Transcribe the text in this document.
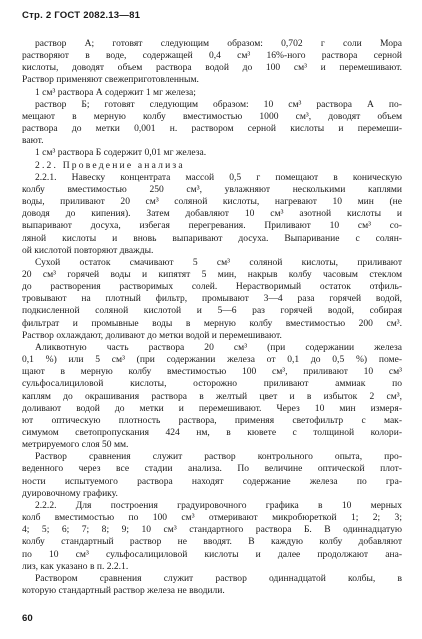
Стр. 2 ГОСТ 2082.13—81
раствор А; готовят следующим образом: 0,702 г соли Мора
растворяют в воде, содержащей 0,4 см³ 16%-ного раствора серной
кислоты, доводят объем раствора водой до 100 см³ и перемешивают.
Раствор применяют свежеприготовленным.
1 см³ раствора А содержит 1 мг железа;
раствор Б; готовят следующим образом: 10 см³ раствора А по-
мещают в мерную колбу вместимостью 1000 см³, доводят объем
раствора до метки 0,001 н. раствором серной кислоты и перемеши-
вают.
1 см³ раствора Б содержит 0,01 мг железа.
2.2. Проведение анализа
2.2.1. Навеску концентрата массой 0,5 г помещают в коническую
колбу вместимостью 250 см³, увлажняют несколькими каплями
воды, приливают 20 см³ соляной кислоты, нагревают 10 мин (не
доводя до кипения). Затем добавляют 10 см³ азотной кислоты и
выпаривают досуха, избегая перегревания. Приливают 10 см³ со-
ляной кислоты и вновь выпаривают досуха. Выпаривание с солян-
ой кислотой повторяют дважды.
Сухой остаток смачивают 5 см³ соляной кислоты, приливают
20 см³ горячей воды и кипятят 5 мин, накрыв колбу часовым стеклом
до растворения растворимых солей. Нерастворимый остаток отфиль-
тровывают на плотный фильтр, промывают 3—4 раза горячей водой,
подкисленной соляной кислотой и 5—6 раз горячей водой, собирая
фильтрат и промывные воды в мерную колбу вместимостью 200 см³.
Раствор охлаждают, доливают до метки водой и перемешивают.
Аликвотную часть раствора 20 см³ (при содержании железа
0,1 %) или 5 см³ (при содержании железа от 0,1 до 0,5 %) поме-
щают в мерную колбу вместимостью 100 см³, приливают 10 см³
сульфосалициловой кислоты, осторожно приливают аммиак по
каплям до окрашивания раствора в желтый цвет и в избыток 2 см³,
доливают водой до метки и перемешивают. Через 10 мин измеря-
ют оптическую плотность раствора, применяя светофильтр с мак-
симумом светопропускания 424 нм, в кювете с толщиной колори-
метрируемого слоя 50 мм.
Раствор сравнения служит раствор контрольного опыта, про-
веденного через все стадии анализа. По величине оптической плот-
ности испытуемого раствора находят содержание железа по гра-
дуировочному графику.
2.2.2. Для построения градуировочного графика в 10 мерных
колб вместимостью по 100 см³ отмеривают микробюреткой 1; 2; 3;
4; 5; 6; 7; 8; 9; 10 см³ стандартного раствора Б. В одиннадцатую
колбу стандартный раствор не вводят. В каждую колбу добавляют
по 10 см³ сульфосалициловой кислоты и далее продолжают ана-
лиз, как указано в п. 2.2.1.
Раствором сравнения служит раствор одиннадцатой колбы, в
которую стандартный раствор железа не вводили.
60
